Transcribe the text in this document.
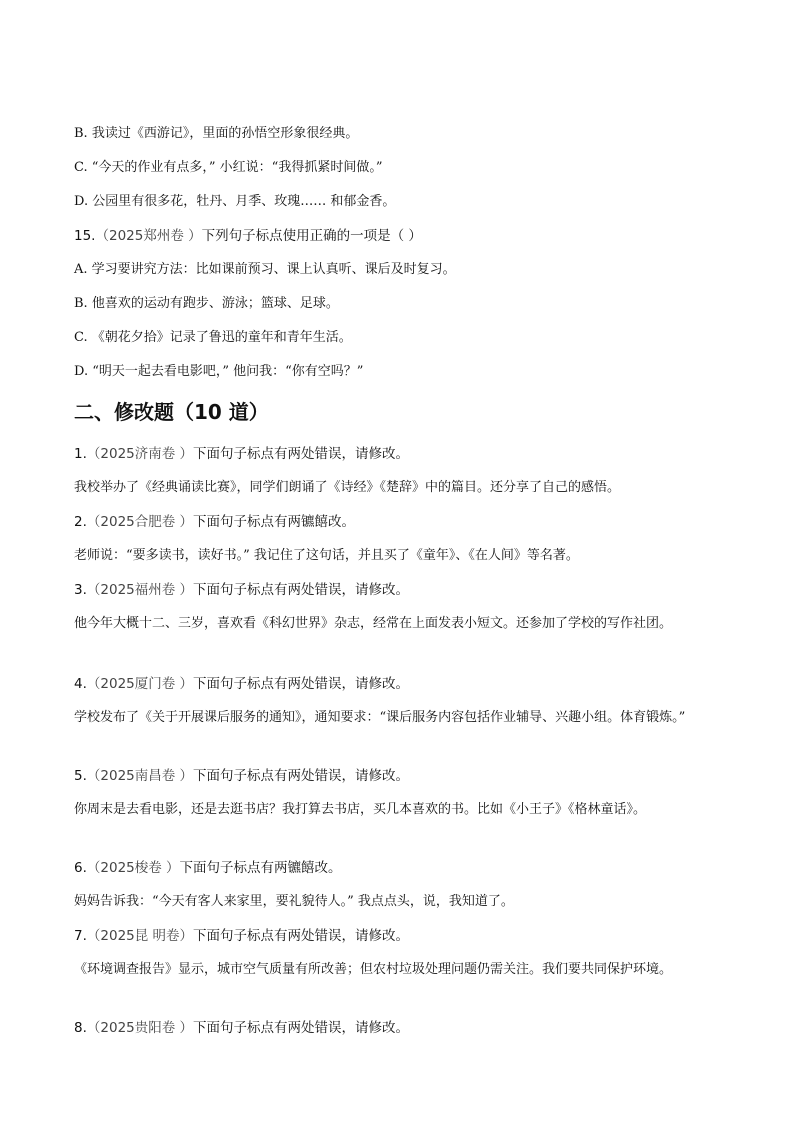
B. 我读过《西游记》，里面的孙悟空形象很经典。
C. “今天的作业有点多，” 小红说：“我得抓紧时间做。”
D. 公园里有很多花，牡丹、月季、玫瑰…… 和郁金香。
15.（2025郑州卷 ）下列句子标点使用正确的一项是（ ）
A. 学习要讲究方法：比如课前预习、课上认真听、课后及时复习。
B. 他喜欢的运动有跑步、游泳；篮球、足球。
C. 《朝花夕拾》记录了鲁迅的童年和青年生活。
D. “明天一起去看电影吧，” 他问我：“你有空吗？”
二、修改题（10 道）
1.（2025济南卷 ）下面句子标点有两处错误，请修改。
我校举办了《经典诵读比赛》，同学们朗诵了《诗经》《楚辞》中的篇目。还分享了自己的感悟。
2.（2025合肥卷 ）下面句子标点有两镳饎改。
老师说：“要多读书，读好书。” 我记住了这句话，并且买了《童年》、《在人间》等名著。
3.（2025福州卷 ）下面句子标点有两处错误，请修改。
他今年大概十二、三岁，喜欢看《科幻世界》杂志，经常在上面发表小短文。还参加了学校的写作社团。
4.（2025厦门卷 ）下面句子标点有两处错误，请修改。
学校发布了《关于开展课后服务的通知》，通知要求：“课后服务内容包括作业辅导、兴趣小组。体育锻炼。”
5.（2025南昌卷 ）下面句子标点有两处错误，请修改。
你周末是去看电影，还是去逛书店？我打算去书店，买几本喜欢的书。比如《小王子》《格林童话》。
6.（2025梭卷 ）下面句子标点有两镳饎改。
妈妈告诉我：“今天有客人来家里，要礼貌待人。” 我点点头，说，我知道了。
7.（2025昆 明卷）下面句子标点有两处错误，请修改。
《环境调查报告》显示，城市空气质量有所改善；但农村垃圾处理问题仍需关注。我们要共同保护环境。
8.（2025贵阳卷 ）下面句子标点有两处错误，请修改。
